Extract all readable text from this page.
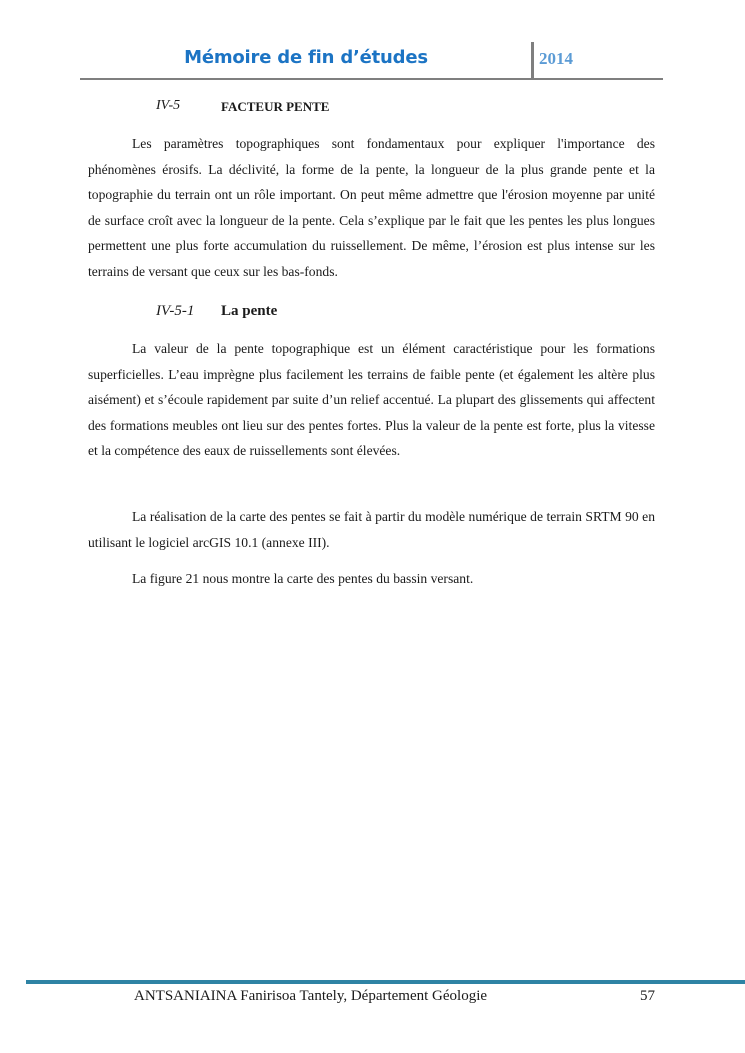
Mémoire de fin d’études	2014
IV-5	FACTEUR PENTE

Les paramètres topographiques sont fondamentaux pour expliquer l'importance des phénomènes érosifs. La déclivité, la forme de la pente, la longueur de la plus grande pente et la topographie du terrain ont un rôle important. On peut même admettre que l'érosion moyenne par unité de surface croît avec la longueur de la pente. Cela s’explique par le fait que les pentes les plus longues permettent une plus forte accumulation du ruissellement. De même, l’érosion est plus intense sur les terrains de versant que ceux sur les bas-fonds.

IV-5-1 La pente

La valeur de la pente topographique est un élément caractéristique pour les formations superficielles. L’eau imprègne plus facilement les terrains de faible pente (et également les altère plus aisément) et s’écoule rapidement par suite d’un relief accentué. La plupart des glissements qui affectent des formations meubles ont lieu sur des pentes fortes. Plus la valeur de la pente est forte, plus la vitesse et la compétence des eaux de ruissellements sont élevées.

La réalisation de la carte des pentes se fait à partir du modèle numérique de terrain SRTM 90 en utilisant le logiciel arcGIS 10.1 (annexe III).

La figure 21 nous montre la carte des pentes du bassin versant.

ANTSANIAINA Fanirisoa Tantely, Département Géologie	57
